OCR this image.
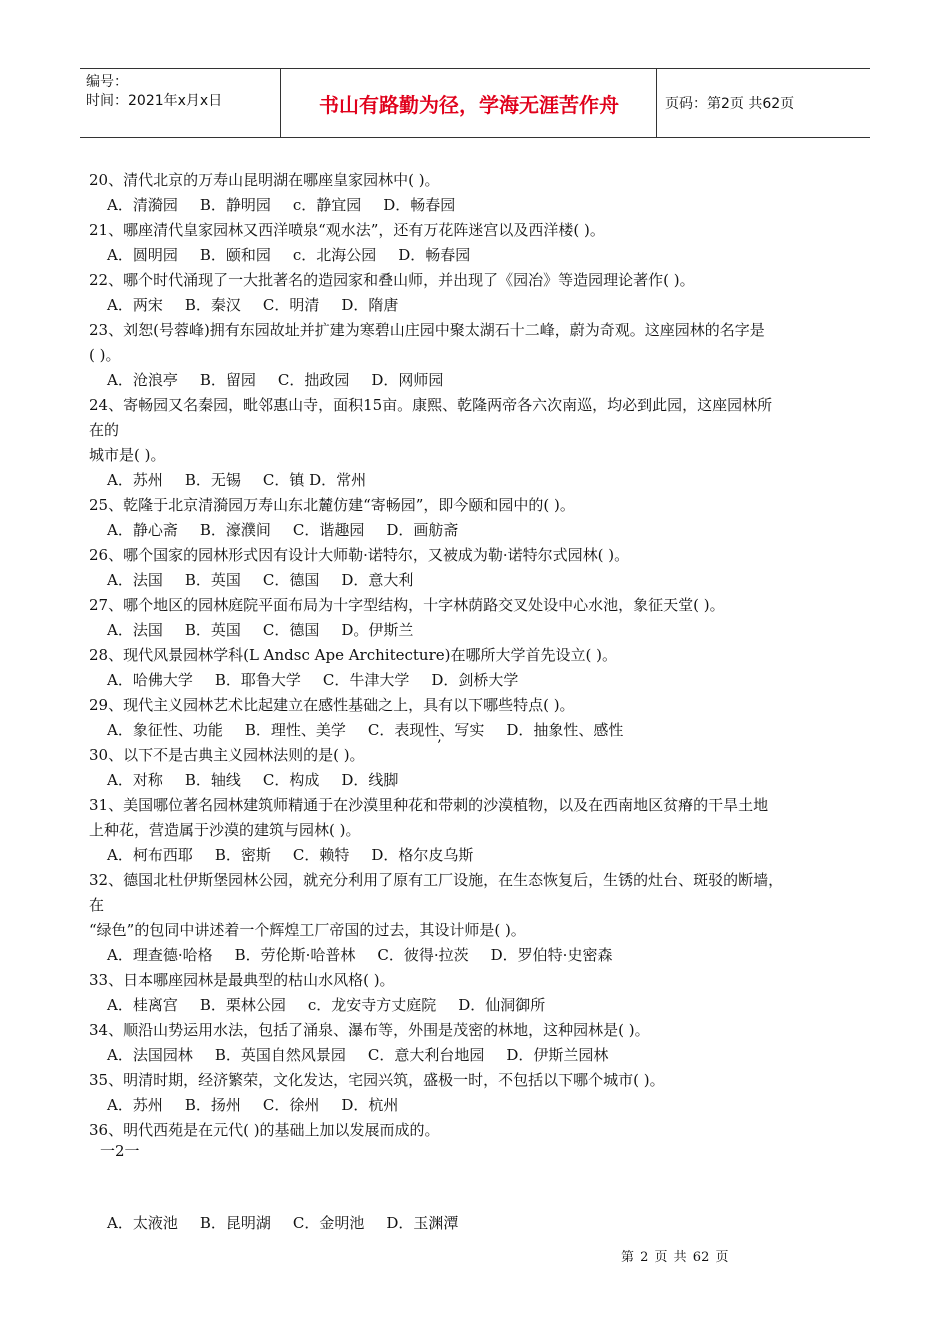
编号：
时间：2021年x月x日	书山有路勤为径，学海无涯苦作舟	页码：第2页 共62页
20、清代北京的万寿山昆明湖在哪座皇家园林中( )。
A．清漪园 B．静明园 c．静宜园 D．畅春园
21、哪座清代皇家园林又西洋喷泉“观水法”，还有万花阵迷宫以及西洋楼( )。
A．圆明园 B．颐和园 c．北海公园 D．畅春园
22、哪个时代涌现了一大批著名的造园家和叠山师，并出现了《园冶》等造园理论著作( )。
A．两宋 B．秦汉 C．明清 D．隋唐
23、刘恕(号蓉峰)拥有东园故址并扩建为寒碧山庄园中聚太湖石十二峰，蔚为奇观。这座园林的名字是
( )。
A．沧浪亭 B．留园 C．拙政园 D．网师园
24、寄畅园又名秦园，毗邻惠山寺，面积15亩。康熙、乾隆两帝各六次南巡，均必到此园，这座园林所
在的
城市是( )。
A．苏州 B．无锡 C．镇 D．常州
25、乾隆于北京清漪园万寿山东北麓仿建“寄畅园”，即今颐和园中的( )。
A．静心斋 B．濠濮间 C．谐趣园 D．画舫斋
26、哪个国家的园林形式因有设计大师勒·诺特尔，又被成为勒·诺特尔式园林( )。
A．法国 B．英国 C．德国 D．意大利
27、哪个地区的园林庭院平面布局为十字型结构，十字林荫路交叉处设中心水池，象征天堂( )。
A．法国 B．英国 C．德国 D。伊斯兰
28、现代风景园林学科(L Andsc Ape Architecture)在哪所大学首先设立( )。
A．哈佛大学 B．耶鲁大学 C．牛津大学 D．剑桥大学
29、现代主义园林艺术比起建立在感性基础之上，具有以下哪些特点( )。
A．象征性、功能 B．理性、美学 C．表现性、写实 D．抽象性、感性
30、以下不是古典主义园林法则的是( )。
A．对称 B．轴线 C．构成 D．线脚
31、美国哪位著名园林建筑师精通于在沙漠里种花和带刺的沙漠植物，以及在西南地区贫瘠的干旱土地
上种花，营造属于沙漠的建筑与园林( )。
A．柯布西耶 B．密斯 C．赖特 D．格尔皮乌斯
32、德国北杜伊斯堡园林公园，就充分利用了原有工厂设施，在生态恢复后，生锈的灶台、斑驳的断墙，
在
“绿色”的包同中讲述着一个辉煌工厂帝国的过去，其设计师是( )。
A．理查德·哈格 B．劳伦斯·哈普林 C．彼得·拉茨 D．罗伯特·史密森
33、日本哪座园林是最典型的枯山水风格( )。
A．桂离宫 B．栗林公园 c．龙安寺方丈庭院 D．仙洞御所
34、顺沿山势运用水法，包括了涌泉、瀑布等，外围是茂密的林地，这种园林是( )。
A．法国园林 B．英国自然风景园 C．意大利台地园 D．伊斯兰园林
35、明清时期，经济繁荣，文化发达，宅园兴筑，盛极一时，不包括以下哪个城市( )。
A．苏州 B．扬州 C．徐州 D．杭州
36、明代西苑是在元代( )的基础上加以发展而成的。
’
一2一
A．太液池 B．昆明湖 C．金明池 D．玉渊潭
第 2 页 共 62 页
